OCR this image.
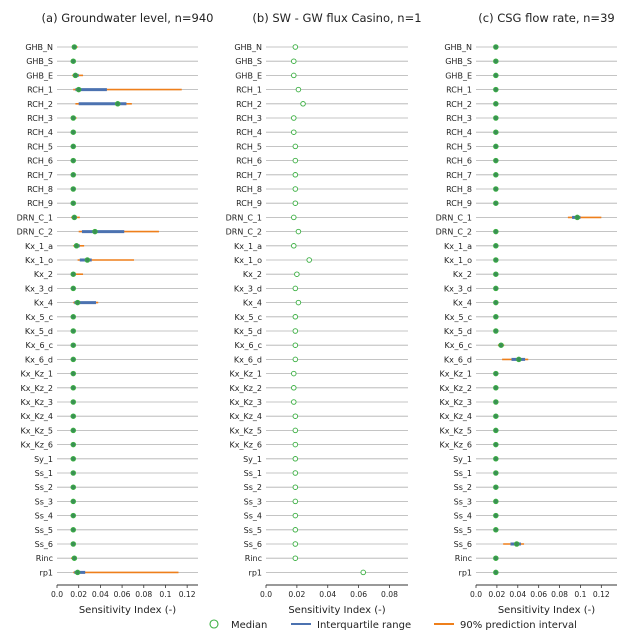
(a) Groundwater level, n=940
GHB_N
GHB_S
GHB_E
RCH_1
RCH_2
RCH_3
RCH_4
RCH_5
RCH_6
RCH_7
RCH_8
RCH_9
DRN_C_1
DRN_C_2
Kx_1_a
Kx_1_o
Kx_2
Kx_3_d
Kx_4
Kx_5_c
Kx_5_d
Kx_6_c
Kx_6_d
Kx_Kz_1
Kx_Kz_2
Kx_Kz_3
Kx_Kz_4
Kx_Kz_5
Kx_Kz_6
Sy_1
Ss_1
Ss_2
Ss_3
Ss_4
Ss_5
Ss_6
Rinc
rp1
0.0 0.02 0.04 0.06 0.08 0.1 0.12
Sensitivity Index (-)
(b) SW - GW flux Casino, n=1
GHB_N
GHB_S
GHB_E
RCH_1
RCH_2
RCH_3
RCH_4
RCH_5
RCH_6
RCH_7
RCH_8
RCH_9
DRN_C_1
DRN_C_2
Kx_1_a
Kx_1_o
Kx_2
Kx_3_d
Kx_4
Kx_5_c
Kx_5_d
Kx_6_c
Kx_6_d
Kx_Kz_1
Kx_Kz_2
Kx_Kz_3
Kx_Kz_4
Kx_Kz_5
Kx_Kz_6
Sy_1
Ss_1
Ss_2
Ss_3
Ss_4
Ss_5
Ss_6
Rinc
rp1
0.0 0.02 0.04 0.06 0.08
Sensitivity Index (-)
(c) CSG flow rate, n=39
GHB_N
GHB_S
GHB_E
RCH_1
RCH_2
RCH_3
RCH_4
RCH_5
RCH_6
RCH_7
RCH_8
RCH_9
DRN_C_1
DRN_C_2
Kx_1_a
Kx_1_o
Kx_2
Kx_3_d
Kx_4
Kx_5_c
Kx_5_d
Kx_6_c
Kx_6_d
Kx_Kz_1
Kx_Kz_2
Kx_Kz_3
Kx_Kz_4
Kx_Kz_5
Kx_Kz_6
Sy_1
Ss_1
Ss_2
Ss_3
Ss_4
Ss_5
Ss_6
Rinc
rp1
0.0 0.02 0.04 0.06 0.08 0.1 0.12
Sensitivity Index (-)
Median	Interquartile range	90% prediction interval
